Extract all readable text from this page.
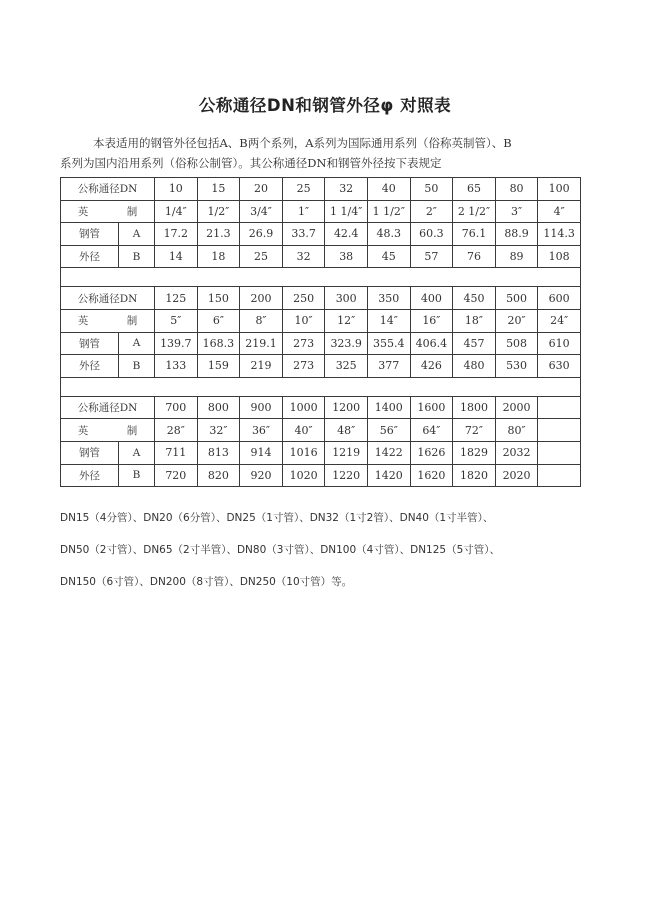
公称通径DN和钢管外径φ 对照表
本表适用的钢管外径包括A、B两个系列，A系列为国际通用系列（俗称英制管）、B
系列为国内沿用系列（俗称公制管）。其公称通径DN和钢管外径按下表规定
公称通径DN		10	15	20	25	32	40	50	65	80	100
英　制		1/4″	1/2″	3/4″	1″	1 1/4″	1 1/2″	2″	2 1/2″	3″	4″
钢管	A	17.2	21.3	26.9	33.7	42.4	48.3	60.3	76.1	88.9	114.3
外径	B	14	18	25	32	38	45	57	76	89	108

公称通径DN		125	150	200	250	300	350	400	450	500	600
英　制		5″	6″	8″	10″	12″	14″	16″	18″	20″	24″
钢管	A	139.7	168.3	219.1	273	323.9	355.4	406.4	457	508	610
外径	B	133	159	219	273	325	377	426	480	530	630

公称通径DN		700	800	900	1000	1200	1400	1600	1800	2000	
英　制		28″	32″	36″	40″	48″	56″	64″	72″	80″	
钢管	A	711	813	914	1016	1219	1422	1626	1829	2032	
外径	B	720	820	920	1020	1220	1420	1620	1820	2020	
DN15（4分管）、DN20（6分管）、DN25（1寸管）、DN32（1寸2管）、DN40（1寸半管）、
DN50（2寸管）、DN65（2寸半管）、DN80（3寸管）、DN100（4寸管）、DN125（5寸管）、
DN150（6寸管）、DN200（8寸管）、DN250（10寸管）等。
